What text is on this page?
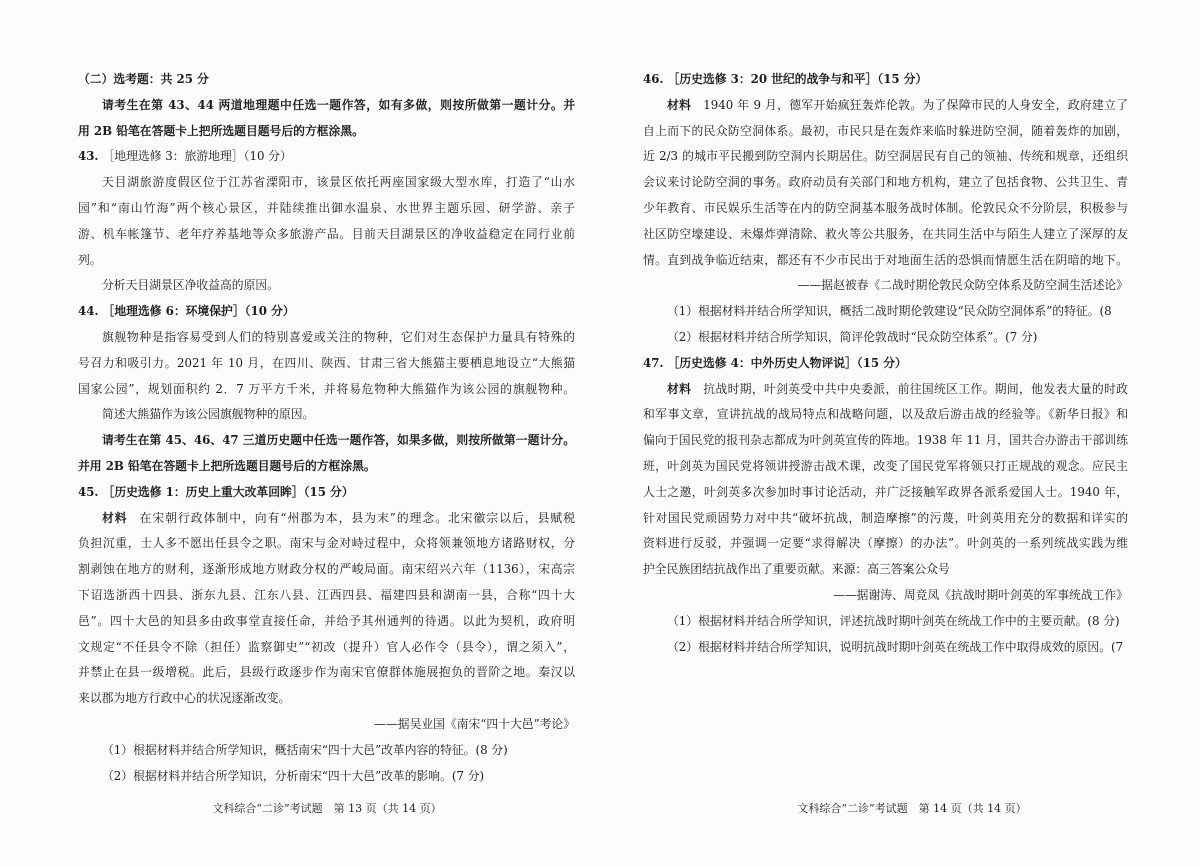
（二）选考题：共 25 分
请考生在第 43、44 两道地理题中任选一题作答，如有多做，则按所做第一题计分。并
用 2B 铅笔在答题卡上把所选题目题号后的方框涂黑。
43. ［地理选修 3：旅游地理］（10 分）
天目湖旅游度假区位于江苏省溧阳市，该景区依托两座国家级大型水库，打造了“山水
园”和“南山竹海”两个核心景区，并陆续推出御水温泉、水世界主题乐园、研学游、亲子
游、机车帐篷节、老年疗养基地等众多旅游产品。目前天目湖景区的净收益稳定在同行业前
列。
分析天目湖景区净收益高的原因。
44. ［地理选修 6：环境保护］（10 分）
旗舰物种是指容易受到人们的特别喜爱或关注的物种，它们对生态保护力量具有特殊的
号召力和吸引力。2021 年 10 月，在四川、陕西、甘肃三省大熊猫主要栖息地设立“大熊猫
国家公园”，规划面积约 2．7 万平方千米，并将易危物种大熊猫作为该公园的旗舰物种。
简述大熊猫作为该公园旗舰物种的原因。
请考生在第 45、46、47 三道历史题中任选一题作答，如果多做，则按所做第一题计分。
并用 2B 铅笔在答题卡上把所选题目题号后的方框涂黑。
45. ［历史选修 1：历史上重大改革回眸］（15 分）
材料 在宋朝行政体制中，向有“州郡为本，县为末”的理念。北宋徽宗以后，县赋税
负担沉重，士人多不愿出任县令之职。南宋与金对峙过程中，众将领兼领地方诸路财权，分
割剥蚀在地方的财利，逐渐形成地方财政分权的严峻局面。南宋绍兴六年（1136），宋高宗
下诏选浙西十四县、浙东九县、江东八县、江西四县、福建四县和湖南一县，合称“四十大
邑”。四十大邑的知县多由政事堂直接任命，并给予其州通判的待遇。以此为契机，政府明
文规定“不任县令不除（担任）监察御史”“初改（提升）官人必作令（县令），谓之须入”，
并禁止在县一级增税。此后，县级行政逐步作为南宋官僚群体施展抱负的晋阶之地。秦汉以
来以郡为地方行政中心的状况逐渐改变。
——据吴业国《南宋“四十大邑”考论》
（1）根据材料并结合所学知识，概括南宋“四十大邑”改革内容的特征。(8 分)
（2）根据材料并结合所学知识，分析南宋“四十大邑”改革的影响。(7 分)
文科综合“二诊”考试题　第 13 页（共 14 页）
46. ［历史选修 3：20 世纪的战争与和平］（15 分）
材料 1940 年 9 月，德军开始疯狂轰炸伦敦。为了保障市民的人身安全，政府建立了
自上而下的民众防空洞体系。最初，市民只是在轰炸来临时躲进防空洞，随着轰炸的加剧，
近 2/3 的城市平民搬到防空洞内长期居住。防空洞居民有自己的领袖、传统和规章，还组织
会议来讨论防空洞的事务。政府动员有关部门和地方机构，建立了包括食物、公共卫生、青
少年教育、市民娱乐生活等在内的防空洞基本服务战时体制。伦敦民众不分阶层，积极参与
社区防空壕建设、未爆炸弹清除、救火等公共服务，在共同生活中与陌生人建立了深厚的友
情。直到战争临近结束，都还有不少市民出于对地面生活的恐惧而情愿生活在阴暗的地下。
——据赵被春《二战时期伦敦民众防空体系及防空洞生活述论》
（1）根据材料并结合所学知识，概括二战时期伦敦建设“民众防空洞体系”的特征。(8
（2）根据材料并结合所学知识，简评伦敦战时“民众防空体系”。(7 分)
47. ［历史选修 4：中外历史人物评说］（15 分）
材料 抗战时期，叶剑英受中共中央委派，前往国统区工作。期间，他发表大量的时政
和军事文章，宣讲抗战的战局特点和战略问题，以及敌后游击战的经验等。《新华日报》和
偏向于国民党的报刊杂志都成为叶剑英宣传的阵地。1938 年 11 月，国共合办游击干部训练
班，叶剑英为国民党将领讲授游击战术课，改变了国民党军将领只打正规战的观念。应民主
人士之邀，叶剑英多次参加时事讨论活动，并广泛接触军政界各派系爱国人士。1940 年，
针对国民党顽固势力对中共“破坏抗战，制造摩擦”的污蔑，叶剑英用充分的数据和详实的
资料进行反驳，并强调一定要“求得解决（摩擦）的办法”。叶剑英的一系列统战实践为维
护全民族团结抗战作出了重要贡献。来源：高三答案公众号
——据谢涛、周竞凤《抗战时期叶剑英的军事统战工作》
（1）根据材料并结合所学知识，评述抗战时期叶剑英在统战工作中的主要贡献。(8 分)
（2）根据材料并结合所学知识，说明抗战时期叶剑英在统战工作中取得成效的原因。(7
文科综合“二诊”考试题　第 14 页（共 14 页）
